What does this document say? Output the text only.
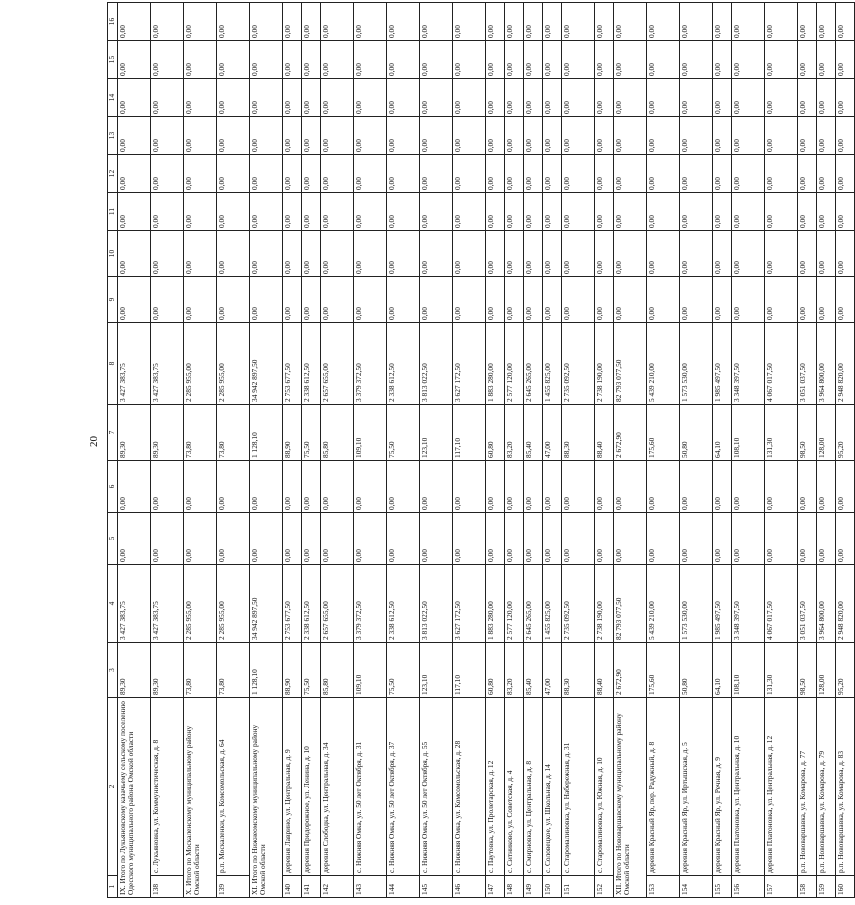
20
1	2	3	4	5	6	7	8	9	10	11	12	13	14	15	16
IX. Итого по Лукьяновскому казачьему сельскому поселению Одесского муниципального района Омской области		89,30	3 427 383,75	0,00	0,00	89,30	3 427 383,75	0,00	0,00	0,00	0,00	0,00	0,00	0,00	0,00
138	с. Лукьяновка, ул. Коммунистическая, д. 8	89,30	3 427 383,75	0,00	0,00	89,30	3 427 383,75	0,00	0,00	0,00	0,00	0,00	0,00	0,00	0,00
X. Итого по Москаленскому муниципальному району Омской области		73,80	2 285 955,00	0,00	0,00	73,80	2 285 955,00	0,00	0,00	0,00	0,00	0,00	0,00	0,00	0,00
139	р.п. Москаленки, ул. Комсомольская, д. 64	73,80	2 285 955,00	0,00	0,00	73,80	2 285 955,00	0,00	0,00	0,00	0,00	0,00	0,00	0,00	0,00
XI. Итого по Нижнеомскому муниципальному району Омской области		1 128,10	34 942 897,50	0,00	0,00	1 128,10	34 942 897,50	0,00	0,00	0,00	0,00	0,00	0,00	0,00	0,00
140	деревня Лаврино, ул. Центральная, д. 9	88,90	2 753 677,50	0,00	0,00	88,90	2 753 677,50	0,00	0,00	0,00	0,00	0,00	0,00	0,00	0,00
141	деревня Придорожное, ул. Ленина, д. 10	75,50	2 338 612,50	0,00	0,00	75,50	2 338 612,50	0,00	0,00	0,00	0,00	0,00	0,00	0,00	0,00
142	деревня Слободка, ул. Центральная, д. 34	85,80	2 657 655,00	0,00	0,00	85,80	2 657 655,00	0,00	0,00	0,00	0,00	0,00	0,00	0,00	0,00
143	с. Нижняя Омка, ул. 50 лет Октября, д. 31	109,10	3 379 372,50	0,00	0,00	109,10	3 379 372,50	0,00	0,00	0,00	0,00	0,00	0,00	0,00	0,00
144	с. Нижняя Омка, ул. 50 лет Октября, д. 37	75,50	2 338 612,50	0,00	0,00	75,50	2 338 612,50	0,00	0,00	0,00	0,00	0,00	0,00	0,00	0,00
145	с. Нижняя Омка, ул. 50 лет Октября, д. 55	123,10	3 813 022,50	0,00	0,00	123,10	3 813 022,50	0,00	0,00	0,00	0,00	0,00	0,00	0,00	0,00
146	с. Нижняя Омка, ул. Комсомольская, д. 28	117,10	3 627 172,50	0,00	0,00	117,10	3 627 172,50	0,00	0,00	0,00	0,00	0,00	0,00	0,00	0,00
147	с. Паутовка, ул. Пролетарская, д. 12	60,80	1 883 280,00	0,00	0,00	60,80	1 883 280,00	0,00	0,00	0,00	0,00	0,00	0,00	0,00	0,00
148	с. Ситниково, ул. Советская, д. 4	83,20	2 577 120,00	0,00	0,00	83,20	2 577 120,00	0,00	0,00	0,00	0,00	0,00	0,00	0,00	0,00
149	с. Смирновка, ул. Центральная, д. 8	85,40	2 645 265,00	0,00	0,00	85,40	2 645 265,00	0,00	0,00	0,00	0,00	0,00	0,00	0,00	0,00
150	с. Соловецкое, ул. Школьная, д. 14	47,00	1 455 825,00	0,00	0,00	47,00	1 455 825,00	0,00	0,00	0,00	0,00	0,00	0,00	0,00	0,00
151	с. Старомалиновка, ул. Набережная, д. 31	88,30	2 735 092,50	0,00	0,00	88,30	2 735 092,50	0,00	0,00	0,00	0,00	0,00	0,00	0,00	0,00
152	с. Старомалиновка, ул. Южная, д. 10	88,40	2 738 190,00	0,00	0,00	88,40	2 738 190,00	0,00	0,00	0,00	0,00	0,00	0,00	0,00	0,00
XII. Итого по Нововаршавскому муниципальному району Омской области		2 672,90	82 793 077,50	0,00	0,00	2 672,90	82 793 077,50	0,00	0,00	0,00	0,00	0,00	0,00	0,00	0,00
153	деревня Красный Яр, пер. Радужный, д. 8	175,60	5 439 210,00	0,00	0,00	175,60	5 439 210,00	0,00	0,00	0,00	0,00	0,00	0,00	0,00	0,00
154	деревня Красный Яр, ул. Иртышская, д. 5	50,80	1 573 530,00	0,00	0,00	50,80	1 573 530,00	0,00	0,00	0,00	0,00	0,00	0,00	0,00	0,00
155	деревня Красный Яр, ул. Речная, д. 9	64,10	1 985 497,50	0,00	0,00	64,10	1 985 497,50	0,00	0,00	0,00	0,00	0,00	0,00	0,00	0,00
156	деревня Платоновка, ул. Центральная, д. 10	108,10	3 348 397,50	0,00	0,00	108,10	3 348 397,50	0,00	0,00	0,00	0,00	0,00	0,00	0,00	0,00
157	деревня Платоновка, ул. Центральная, д. 12	131,30	4 067 017,50	0,00	0,00	131,30	4 067 017,50	0,00	0,00	0,00	0,00	0,00	0,00	0,00	0,00
158	р.п. Нововаршавка, ул. Комарова, д. 77	98,50	3 051 037,50	0,00	0,00	98,50	3 051 037,50	0,00	0,00	0,00	0,00	0,00	0,00	0,00	0,00
159	р.п. Нововаршавка, ул. Комарова, д. 79	128,00	3 964 800,00	0,00	0,00	128,00	3 964 800,00	0,00	0,00	0,00	0,00	0,00	0,00	0,00	0,00
160	р.п. Нововаршавка, ул. Комарова, д. 83	95,20	2 948 820,00	0,00	0,00	95,20	2 948 820,00	0,00	0,00	0,00	0,00	0,00	0,00	0,00	0,00
